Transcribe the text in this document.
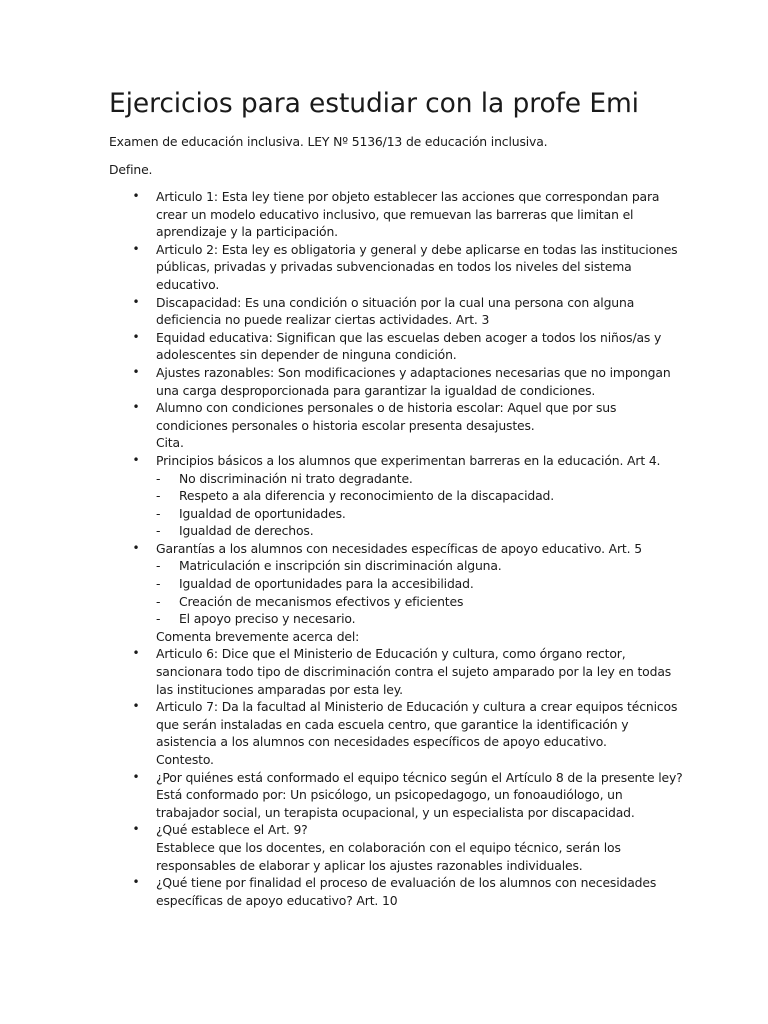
Ejercicios para estudiar con la profe Emi

Examen de educación inclusiva. LEY Nº 5136/13 de educación inclusiva.

Define.

• Articulo 1: Esta ley tiene por objeto establecer las acciones que correspondan para
crear un modelo educativo inclusivo, que remuevan las barreras que limitan el
aprendizaje y la participación.
• Articulo 2: Esta ley es obligatoria y general y debe aplicarse en todas las instituciones
públicas, privadas y privadas subvencionadas en todos los niveles del sistema
educativo.
• Discapacidad: Es una condición o situación por la cual una persona con alguna
deficiencia no puede realizar ciertas actividades. Art. 3
• Equidad educativa: Significan que las escuelas deben acoger a todos los niños/as y
adolescentes sin depender de ninguna condición.
• Ajustes razonables: Son modificaciones y adaptaciones necesarias que no impongan
una carga desproporcionada para garantizar la igualdad de condiciones.
• Alumno con condiciones personales o de historia escolar: Aquel que por sus
condiciones personales o historia escolar presenta desajustes.
Cita.
• Principios básicos a los alumnos que experimentan barreras en la educación. Art 4.
- No discriminación ni trato degradante.
- Respeto a ala diferencia y reconocimiento de la discapacidad.
- Igualdad de oportunidades.
- Igualdad de derechos.
• Garantías a los alumnos con necesidades específicas de apoyo educativo. Art. 5
- Matriculación e inscripción sin discriminación alguna.
- Igualdad de oportunidades para la accesibilidad.
- Creación de mecanismos efectivos y eficientes
- El apoyo preciso y necesario.
Comenta brevemente acerca del:
• Articulo 6: Dice que el Ministerio de Educación y cultura, como órgano rector,
sancionara todo tipo de discriminación contra el sujeto amparado por la ley en todas
las instituciones amparadas por esta ley.
• Articulo 7: Da la facultad al Ministerio de Educación y cultura a crear equipos técnicos
que serán instaladas en cada escuela centro, que garantice la identificación y
asistencia a los alumnos con necesidades específicos de apoyo educativo.
Contesto.
• ¿Por quiénes está conformado el equipo técnico según el Artículo 8 de la presente ley?
Está conformado por: Un psicólogo, un psicopedagogo, un fonoaudiólogo, un
trabajador social, un terapista ocupacional, y un especialista por discapacidad.
• ¿Qué establece el Art. 9?
Establece que los docentes, en colaboración con el equipo técnico, serán los
responsables de elaborar y aplicar los ajustes razonables individuales.
• ¿Qué tiene por finalidad el proceso de evaluación de los alumnos con necesidades
específicas de apoyo educativo? Art. 10
